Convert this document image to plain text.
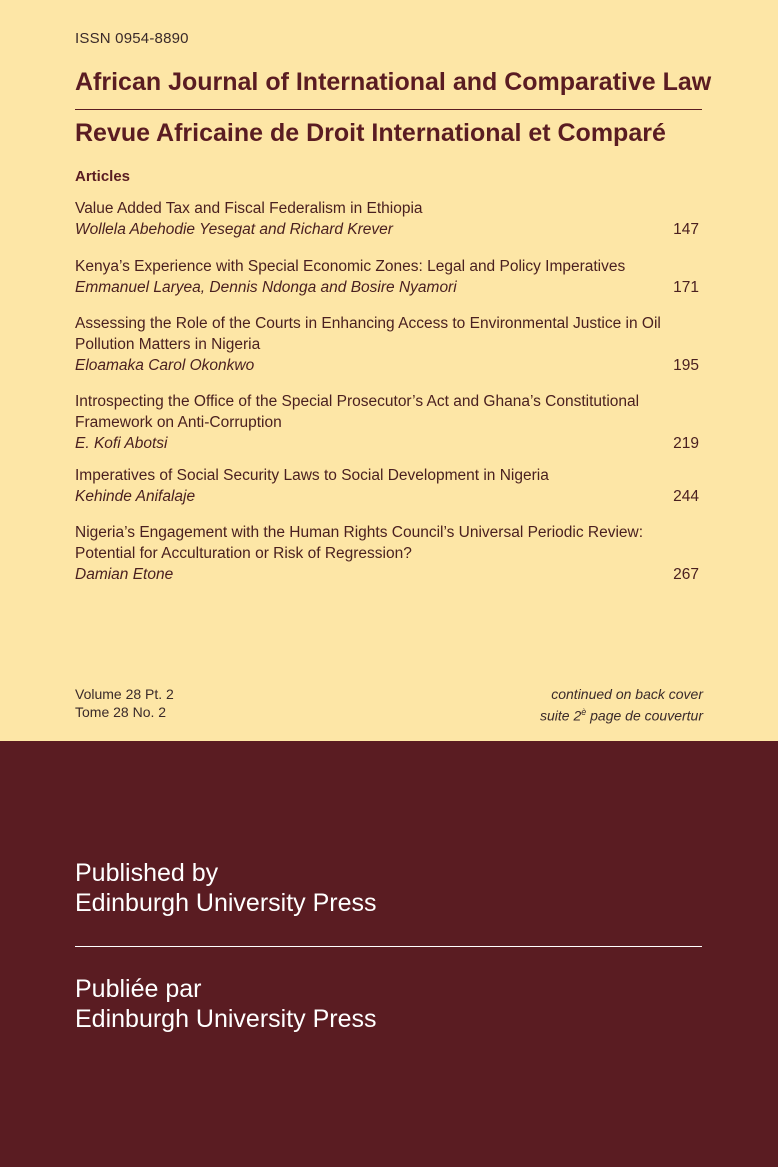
ISSN 0954-8890
African Journal of International and Comparative Law
Revue Africaine de Droit International et Comparé
Articles
Value Added Tax and Fiscal Federalism in Ethiopia
Wollela Abehodie Yesegat and Richard Krever	147
Kenya’s Experience with Special Economic Zones: Legal and Policy Imperatives
Emmanuel Laryea, Dennis Ndonga and Bosire Nyamori	171
Assessing the Role of the Courts in Enhancing Access to Environmental Justice in Oil Pollution Matters in Nigeria
Eloamaka Carol Okonkwo	195
Introspecting the Office of the Special Prosecutor’s Act and Ghana’s Constitutional Framework on Anti-Corruption
E. Kofi Abotsi	219
Imperatives of Social Security Laws to Social Development in Nigeria
Kehinde Anifalaje	244
Nigeria’s Engagement with the Human Rights Council’s Universal Periodic Review: Potential for Acculturation or Risk of Regression?
Damian Etone	267
Volume 28 Pt. 2
Tome 28 No. 2
continued on back cover
suite $2^è$ page de couvertur
Published by
Edinburgh University Press
Publiée par
Edinburgh University Press
